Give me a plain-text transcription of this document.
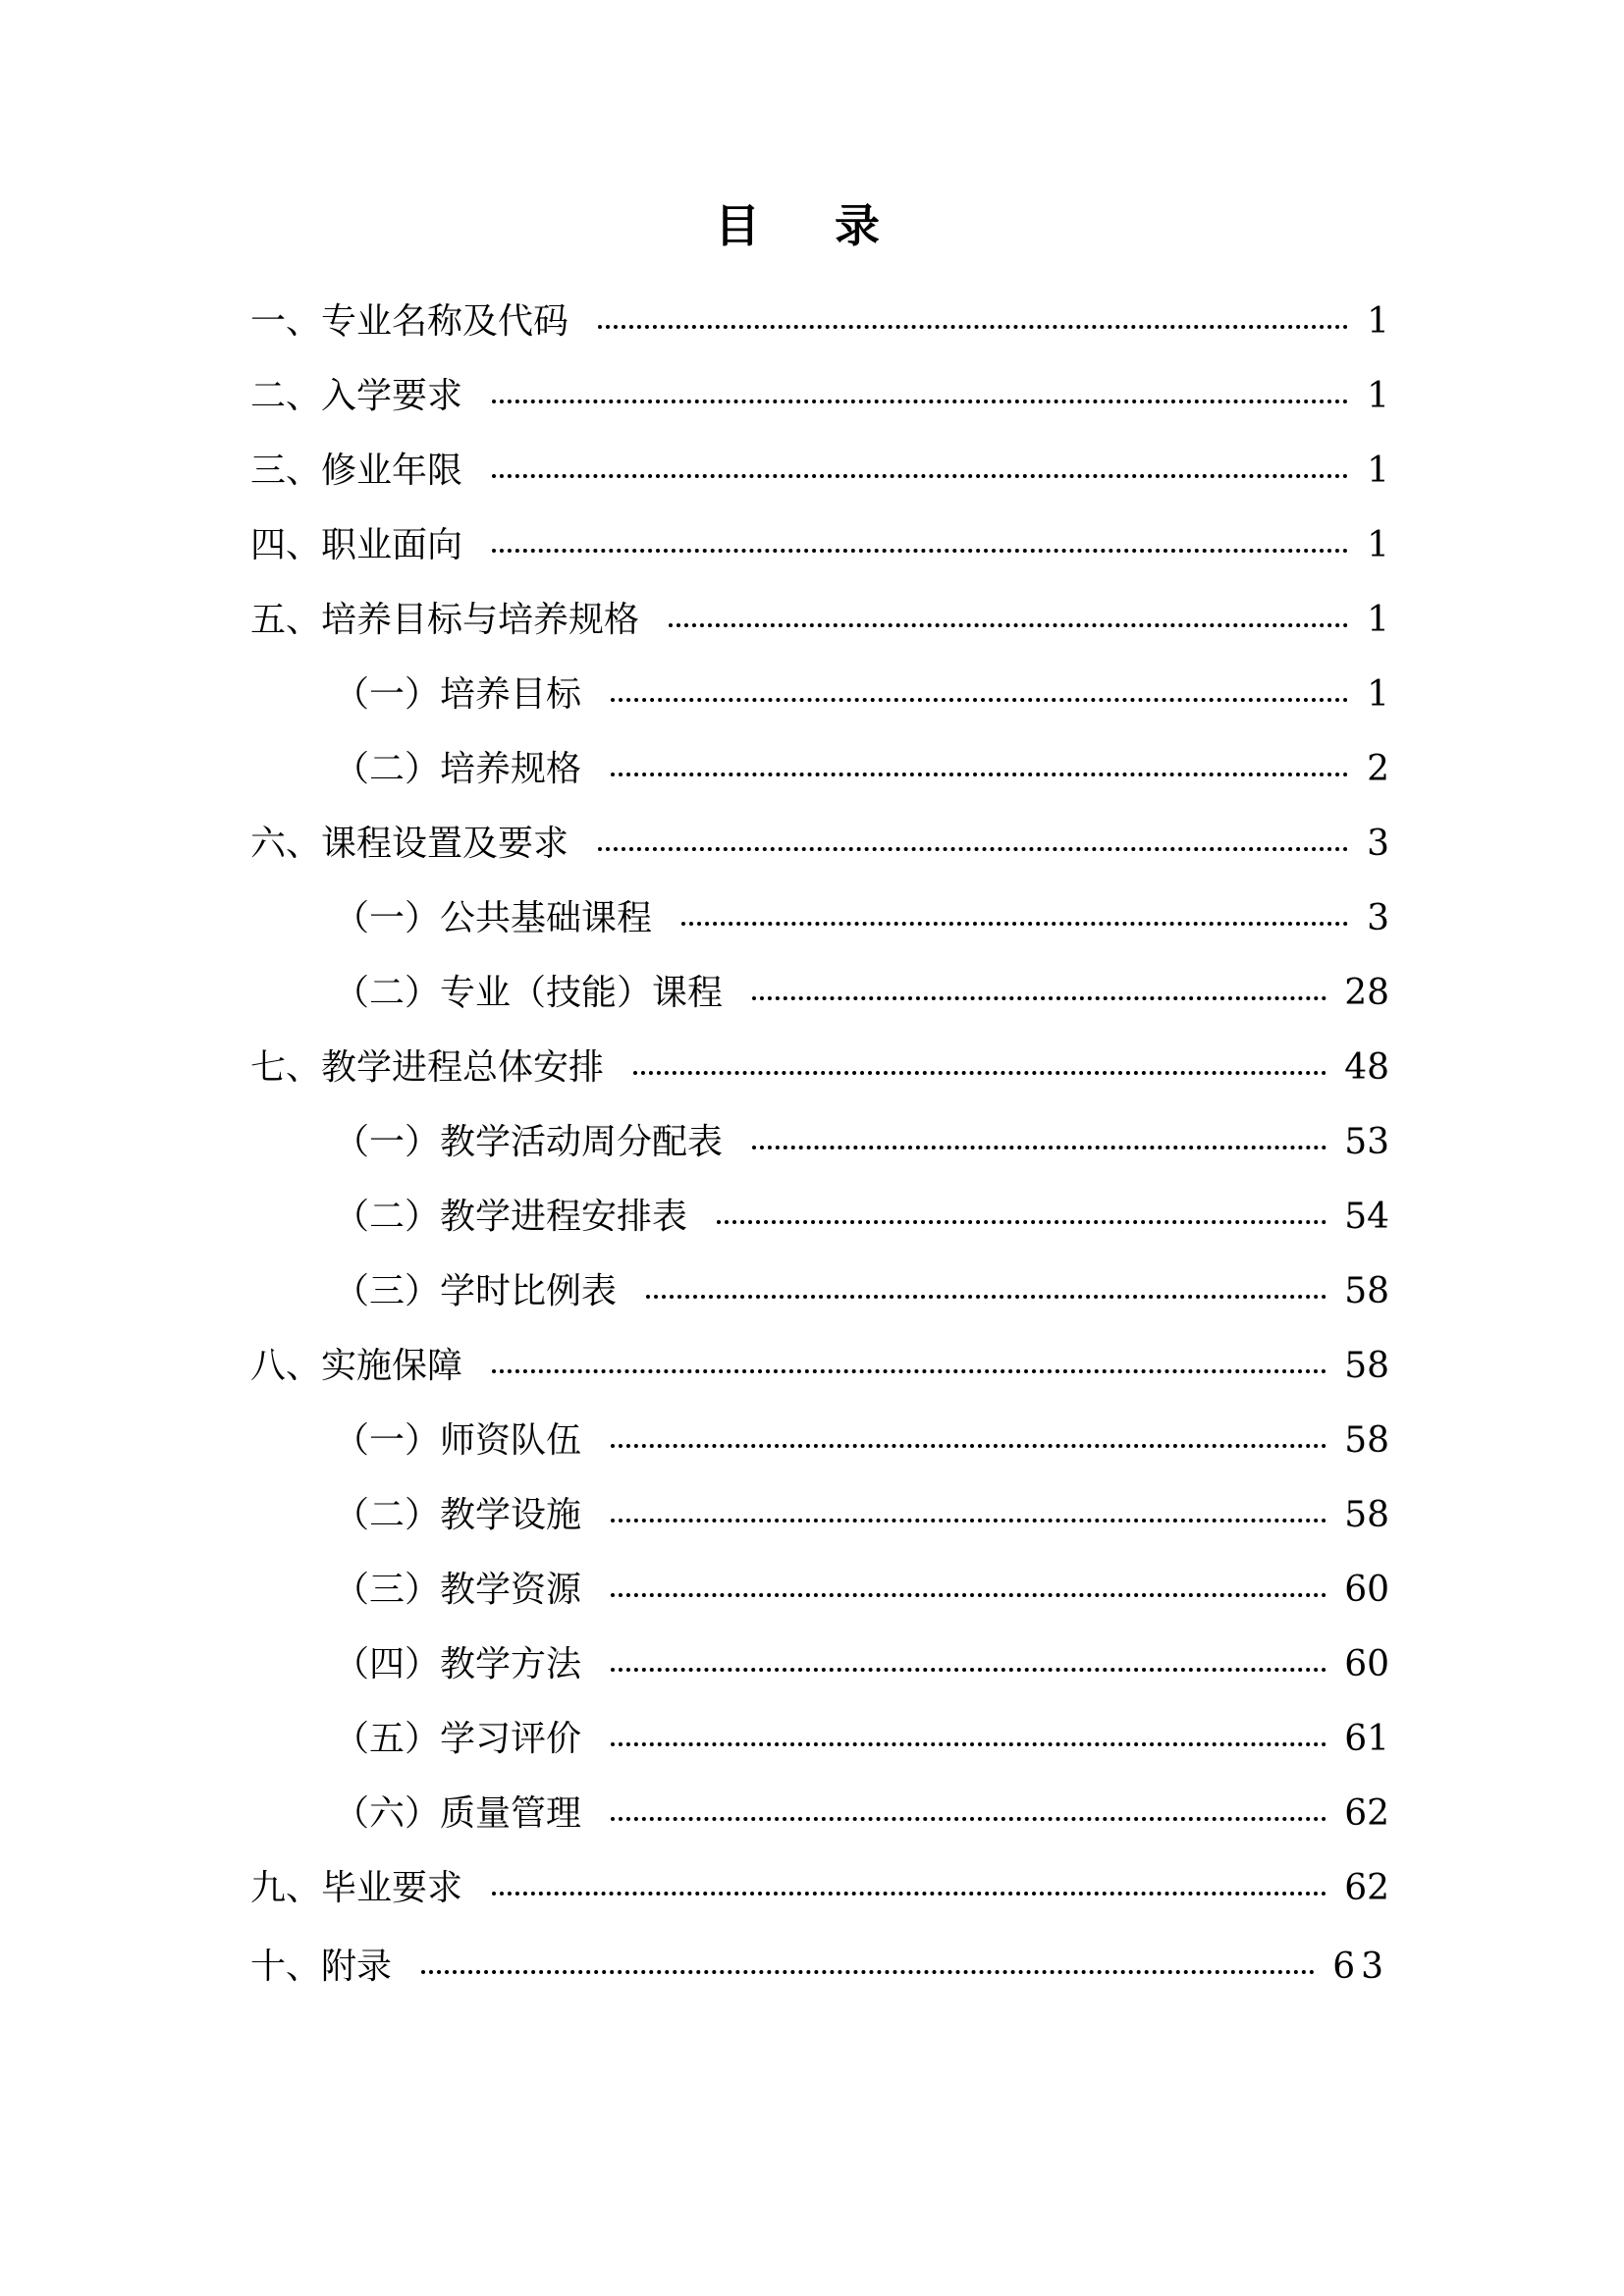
目 录
一、专业名称及代码	1
二、入学要求	1
三、修业年限	1
四、职业面向	1
五、培养目标与培养规格	1
（一）培养目标	1
（二）培养规格	2
六、课程设置及要求	3
（一）公共基础课程	3
（二）专业（技能）课程	28
七、教学进程总体安排	48
（一）教学活动周分配表	53
（二）教学进程安排表	54
（三）学时比例表	58
八、实施保障	58
（一）师资队伍	58
（二）教学设施	58
（三）教学资源	60
（四）教学方法	60
（五）学习评价	61
（六）质量管理	62
九、毕业要求	62
十、附录	63
